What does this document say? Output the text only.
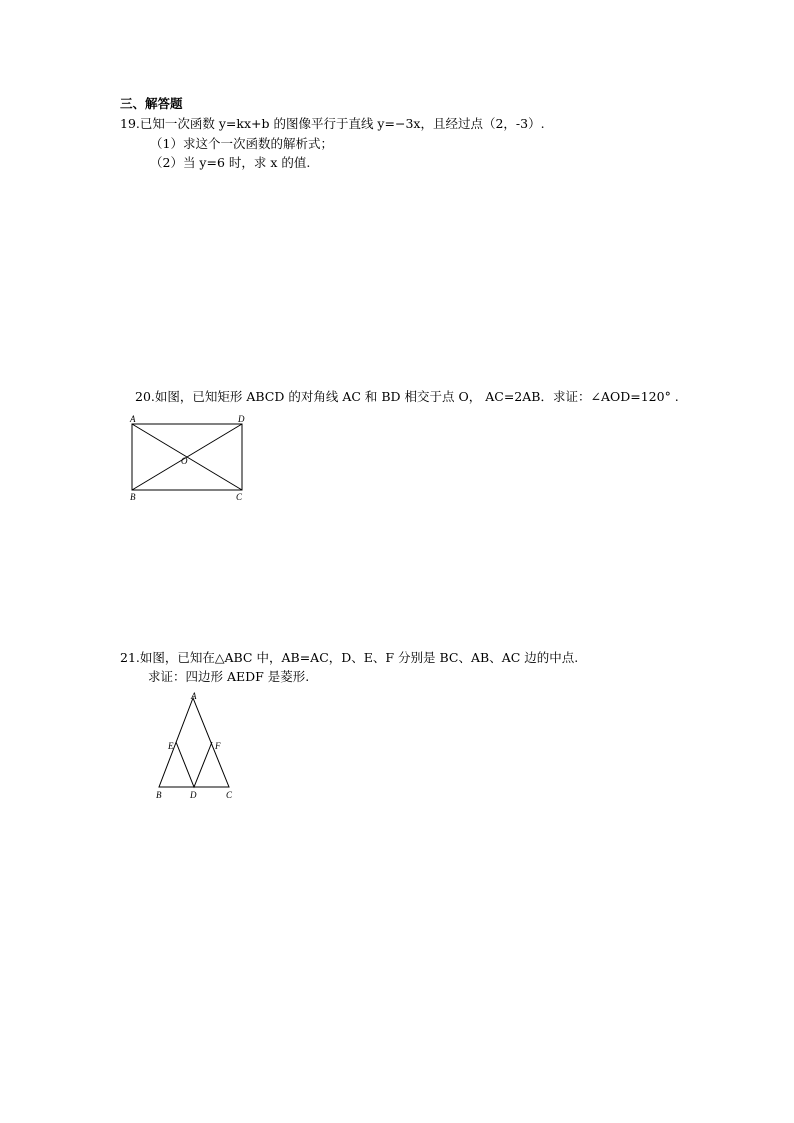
三、解答题
19.已知一次函数 y=kx+b 的图像平行于直线 y=−3x，且经过点（2，-3）.
（1）求这个一次函数的解析式；
（2）当 y=6 时，求 x 的值.
20.如图，已知矩形 ABCD 的对角线 AC 和 BD 相交于点 O， AC=2AB．求证：∠AOD=120° .
A	D
O
B	C
21.如图，已知在△ABC 中，AB=AC，D、E、F 分别是 BC、AB、AC 边的中点.
求证：四边形 AEDF 是菱形.
A
E	F
B	D	C
